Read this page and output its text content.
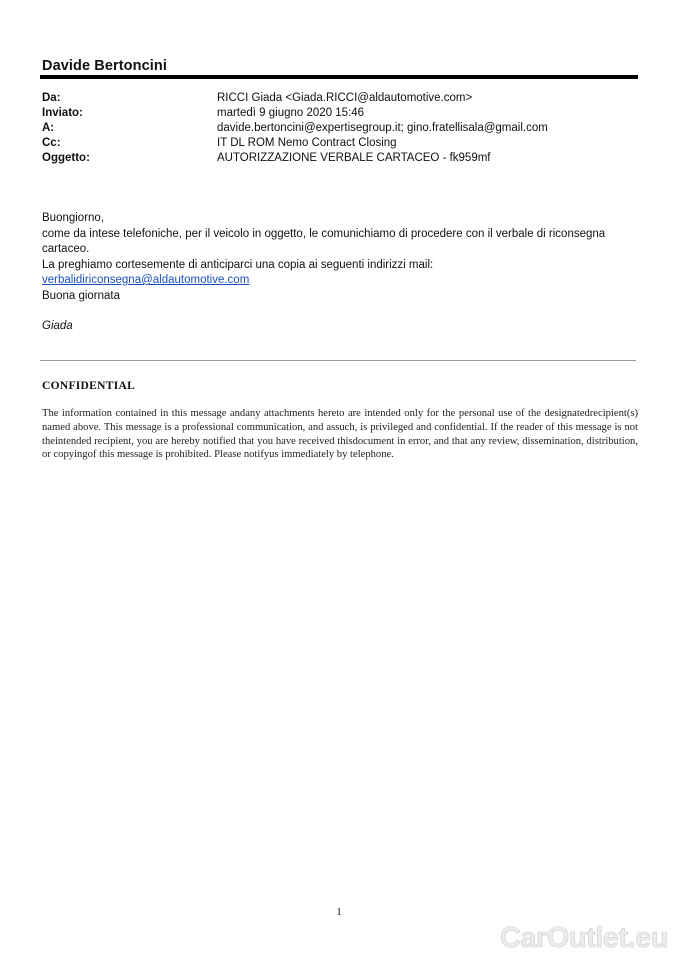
Davide Bertoncini
Da:	RICCI Giada <Giada.RICCI@aldautomotive.com>
Inviato:	martedì 9 giugno 2020 15:46
A:	davide.bertoncini@expertisegroup.it; gino.fratellisala@gmail.com
Cc:	IT DL ROM Nemo Contract Closing
Oggetto:	AUTORIZZAZIONE VERBALE CARTACEO - fk959mf

Buongiorno,

come da intese telefoniche, per il veicolo in oggetto, le comunichiamo di procedere con il verbale di riconsegna cartaceo.

La preghiamo cortesemente di anticiparci una copia ai seguenti indirizzi mail:

verbalidiriconsegna@aldautomotive.com

Buona giornata

Giada

CONFIDENTIAL
The information contained in this message andany attachments hereto are intended only for the personal use of the designatedrecipient(s) named above. This message is a professional communication, and assuch, is privileged and confidential. If the reader of this message is not theintended recipient, you are hereby notified that you have received thisdocument in error, and that any review, dissemination, distribution, or copyingof this message is prohibited. Please notifyus immediately by telephone.
1
CarOutlet.eu
